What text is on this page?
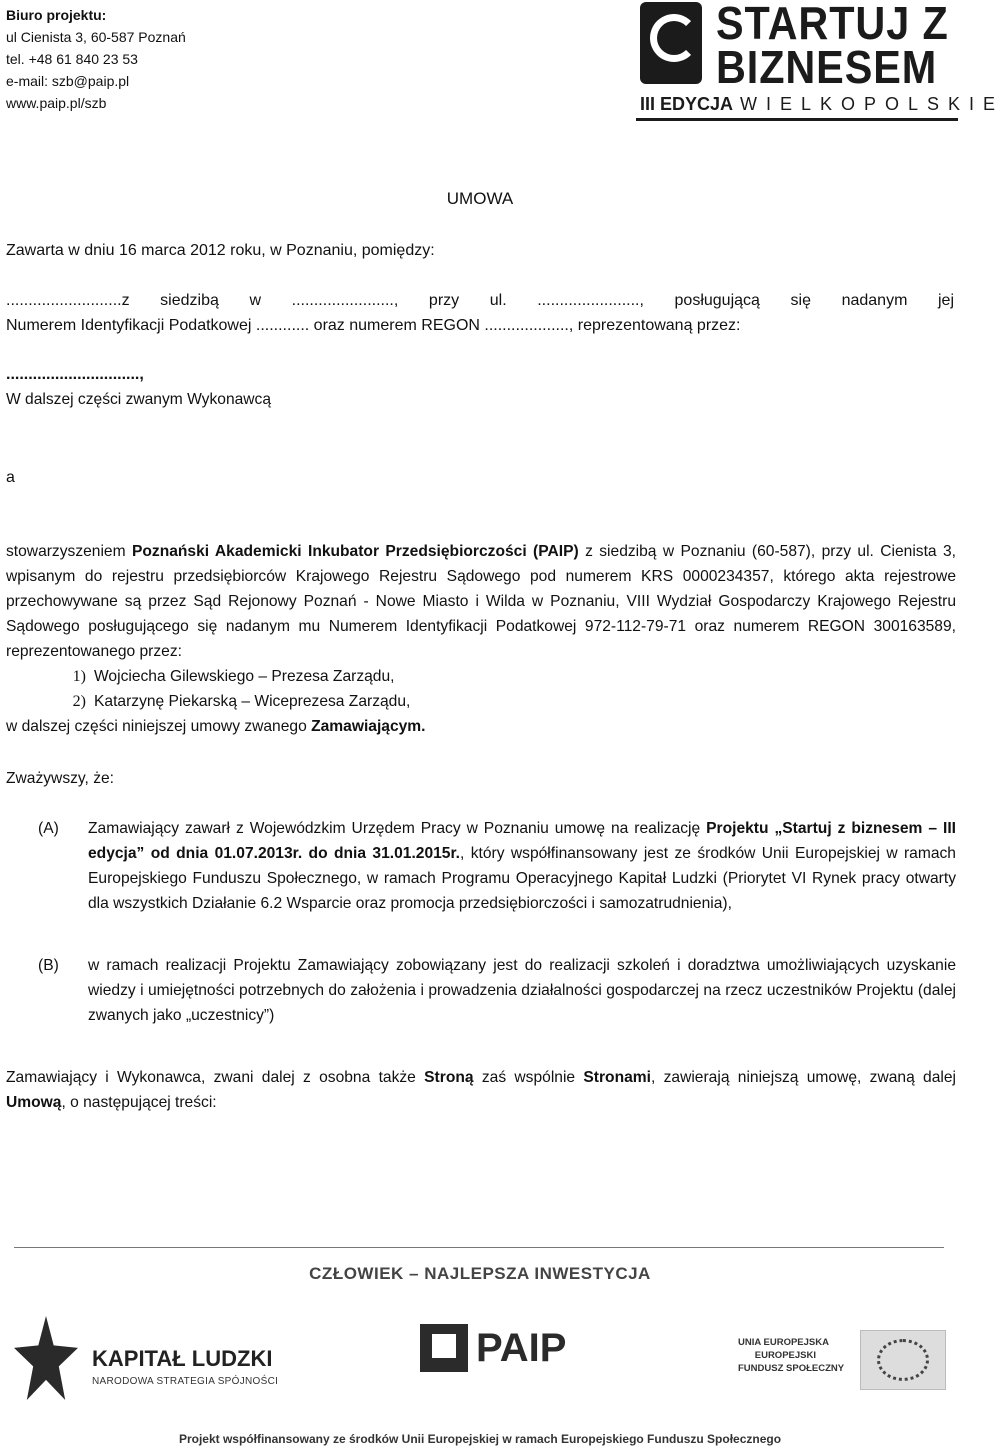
Biuro projektu:
ul Cienista 3, 60-587 Poznań
tel. +48 61 840 23 53
e-mail: szb@paip.pl
www.paip.pl/szb
STARTUJ Z
BIZNESEM
III EDYCJA WIELKOPOLSKIE
UMOWA
Zawarta w dniu 16 marca 2012 roku, w Poznaniu, pomiędzy:
..........................z siedzibą w ......................., przy ul. ......................., posługującą się nadanym jej
Numerem Identyfikacji Podatkowej ............ oraz numerem REGON ..................., reprezentowaną przez:
..............................,
W dalszej części zwanym Wykonawcą
a
stowarzyszeniem Poznański Akademicki Inkubator Przedsiębiorczości (PAIP) z siedzibą w Poznaniu (60-587), przy ul. Cienista 3, wpisanym do rejestru przedsiębiorców Krajowego Rejestru Sądowego pod numerem KRS 0000234357, którego akta rejestrowe przechowywane są przez Sąd Rejonowy Poznań - Nowe Miasto i Wilda w Poznaniu, VIII Wydział Gospodarczy Krajowego Rejestru Sądowego posługującego się nadanym mu Numerem Identyfikacji Podatkowej 972-112-79-71 oraz numerem REGON 300163589, reprezentowanego przez:
1) Wojciecha Gilewskiego – Prezesa Zarządu,
2) Katarzynę Piekarską – Wiceprezesa Zarządu,
w dalszej części niniejszej umowy zwanego Zamawiającym.
Zważywszy, że:
(A) Zamawiający zawarł z Wojewódzkim Urzędem Pracy w Poznaniu umowę na realizację Projektu „Startuj z biznesem – III edycja” od dnia 01.07.2013r. do dnia 31.01.2015r., który współfinansowany jest ze środków Unii Europejskiej w ramach Europejskiego Funduszu Społecznego, w ramach Programu Operacyjnego Kapitał Ludzki (Priorytet VI Rynek pracy otwarty dla wszystkich Działanie 6.2 Wsparcie oraz promocja przedsiębiorczości i samozatrudnienia),
(B) w ramach realizacji Projektu Zamawiający zobowiązany jest do realizacji szkoleń i doradztwa umożliwiających uzyskanie wiedzy i umiejętności potrzebnych do założenia i prowadzenia działalności gospodarczej na rzecz uczestników Projektu (dalej zwanych jako „uczestnicy”)
Zamawiający i Wykonawca, zwani dalej z osobna także Stroną zaś wspólnie Stronami, zawierają niniejszą umowę, zwaną dalej Umową, o następującej treści:
CZŁOWIEK – NAJLEPSZA INWESTYCJA
KAPITAŁ LUDZKI
NARODOWA STRATEGIA SPÓJNOŚCI
PAIP	UNIA EUROPEJSKA
EUROPEJSKI
FUNDUSZ SPOŁECZNY
Projekt współfinansowany ze środków Unii Europejskiej w ramach Europejskiego Funduszu Społecznego
